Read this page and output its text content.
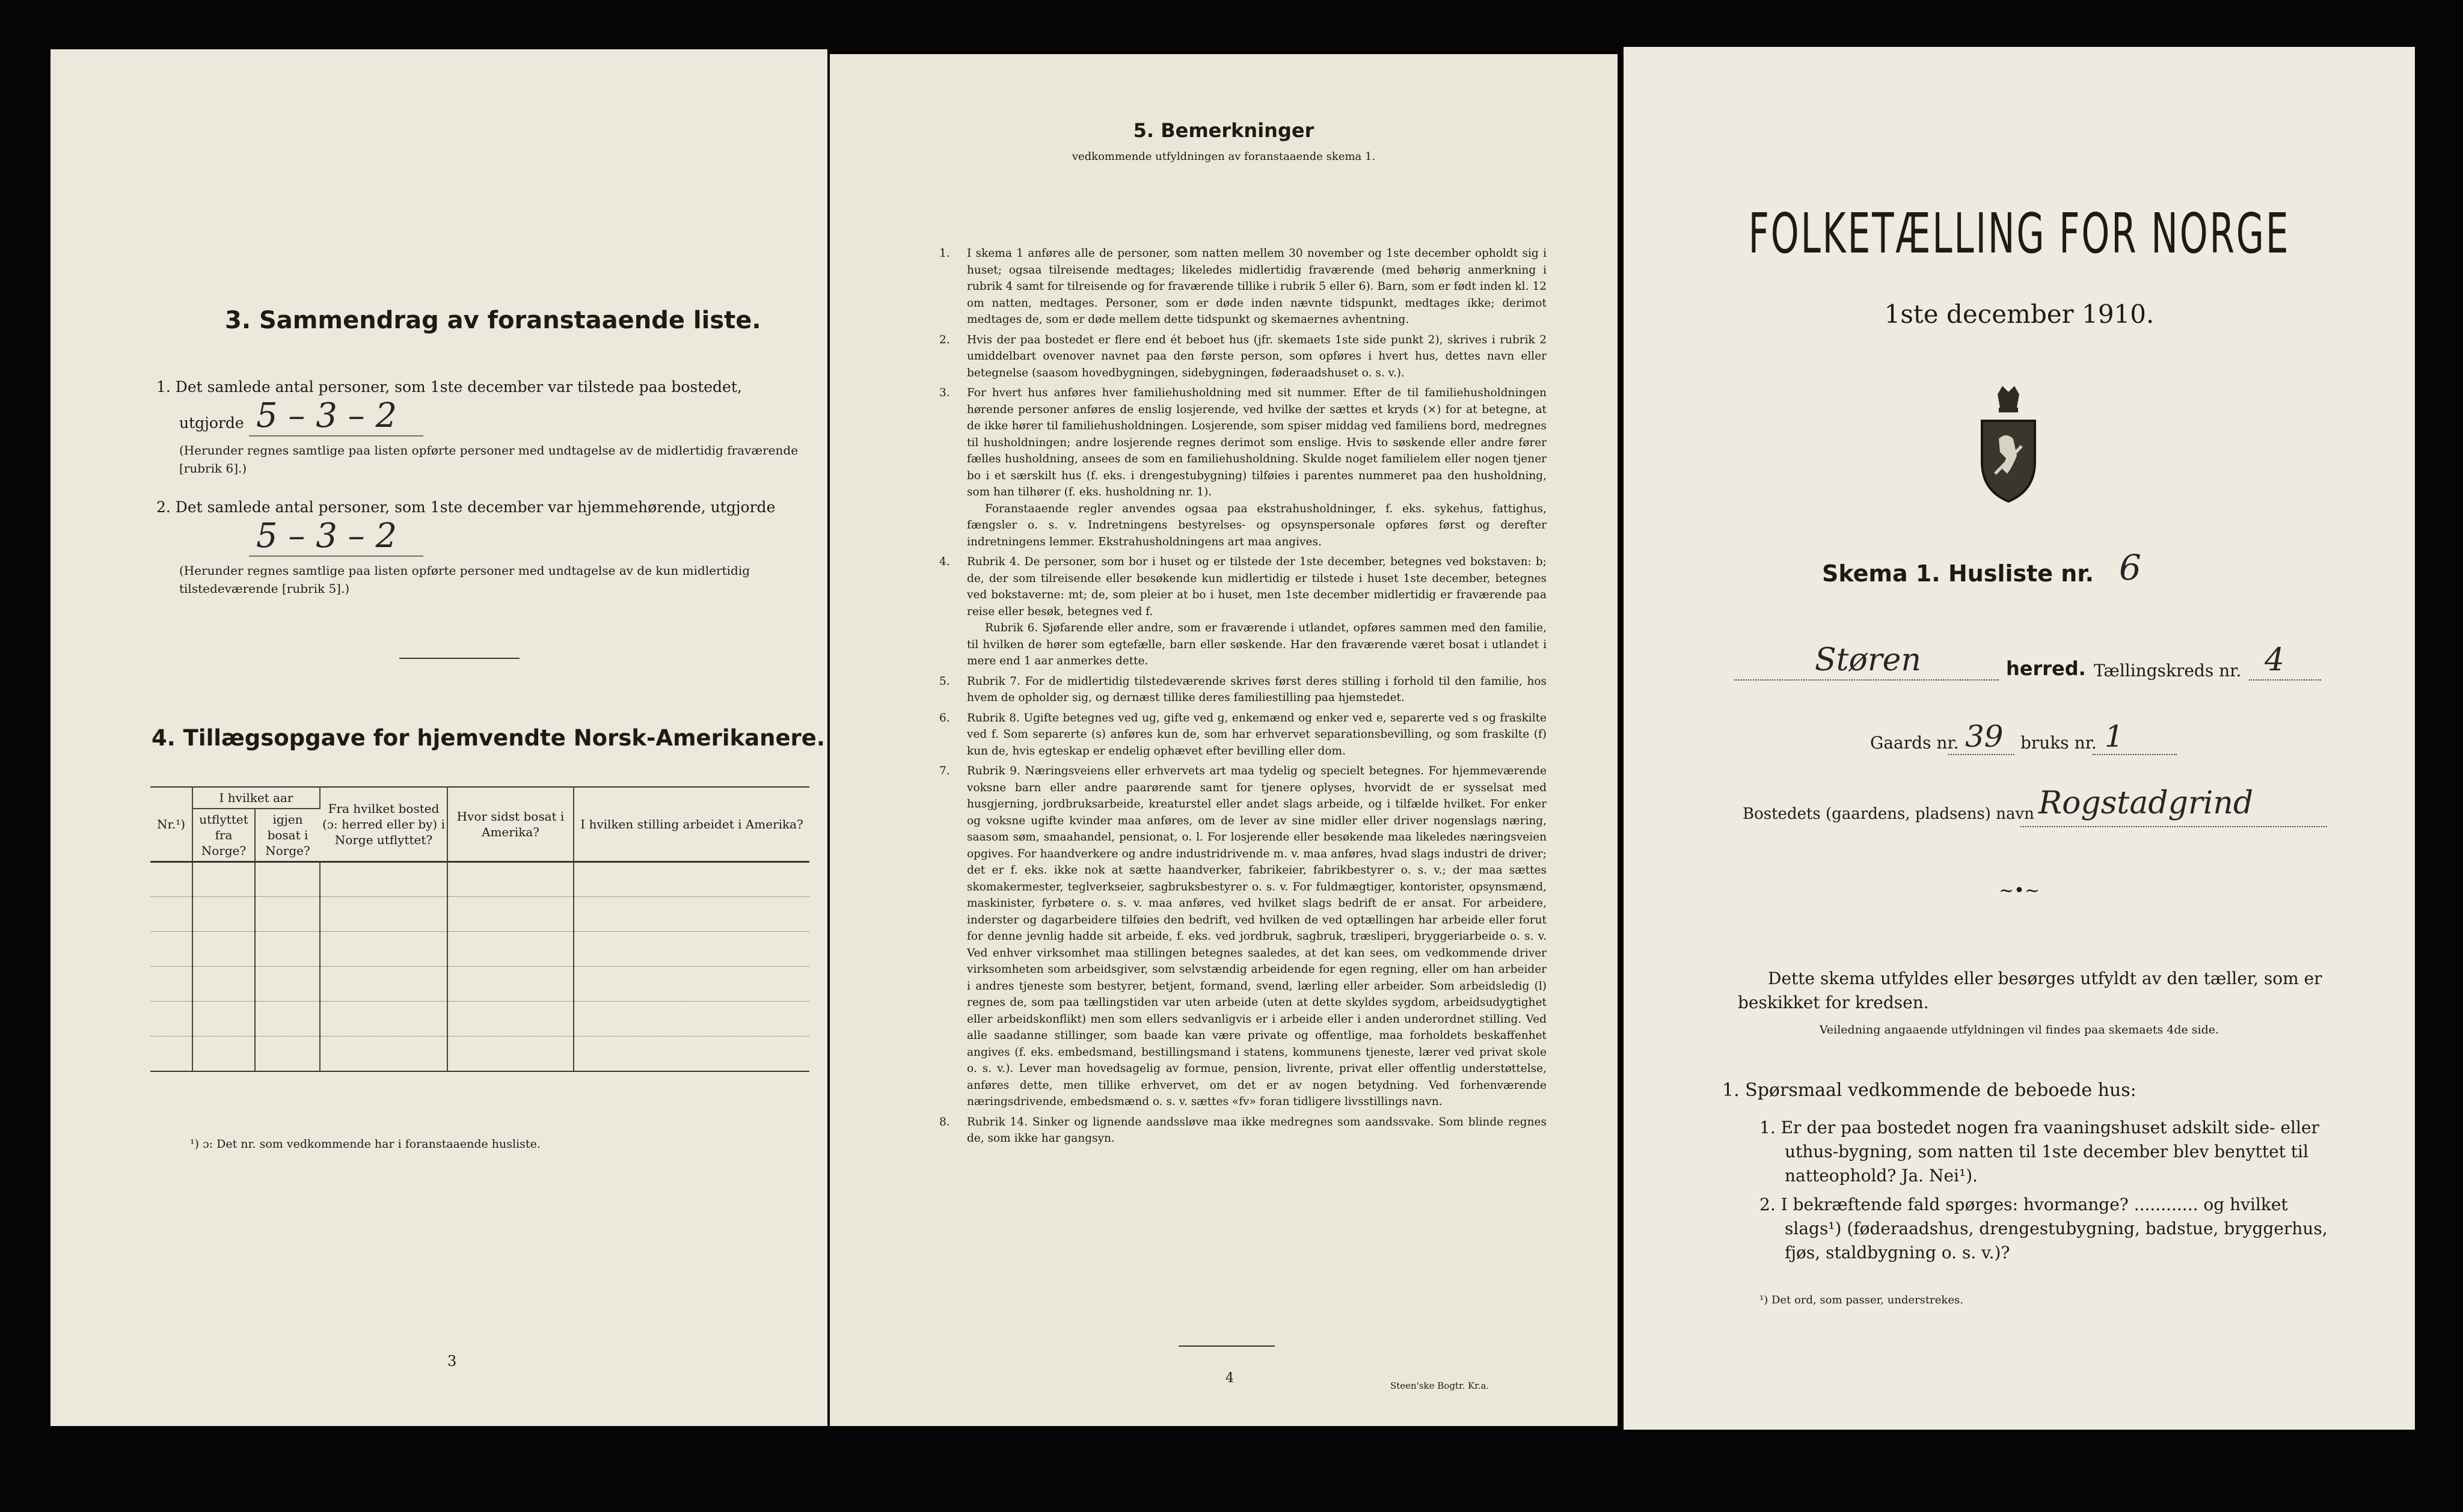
3. Sammendrag av foranstaaende liste.
1. Det samlede antal personer, som 1ste december var tilstede paa bostedet,
utgjorde 5 – 3 – 2
(Herunder regnes samtlige paa listen opførte personer med undtagelse av de midlertidig fraværende [rubrik 6].)
2. Det samlede antal personer, som 1ste december var hjemmehørende, utgjorde
5 – 3 – 2
(Herunder regnes samtlige paa listen opførte personer med undtagelse av de kun midlertidig tilstedeværende [rubrik 5].)
4. Tillægsopgave for hjemvendte Norsk-Amerikanere.
Nr.¹)	I hvilket aar		Fra hvilket bosted (ɔ: herred eller by) i Norge utflyttet?	Hvor sidst bosat i Amerika?	I hvilken stilling arbeidet i Amerika?
	utflyttet fra Norge?	igjen bosat i Norge?			

¹) ɔ: Det nr. som vedkommende har i foranstaaende husliste.
3
5. Bemerkninger
vedkommende utfyldningen av foranstaaende skema 1.
1. I skema 1 anføres alle de personer, som natten mellem 30 november og 1ste december opholdt sig i huset; ogsaa tilreisende medtages; likeledes midlertidig fraværende (med behørig anmerkning i rubrik 4 samt for tilreisende og for fraværende tillike i rubrik 5 eller 6). Barn, som er født inden kl. 12 om natten, medtages. Personer, som er døde inden nævnte tidspunkt, medtages ikke; derimot medtages de, som er døde mellem dette tidspunkt og skemaernes avhentning.

2. Hvis der paa bostedet er flere end ét beboet hus (jfr. skemaets 1ste side punkt 2), skrives i rubrik 2 umiddelbart ovenover navnet paa den første person, som opføres i hvert hus, dettes navn eller betegnelse (saasom hovedbygningen, sidebygningen, føderaadshuset o. s. v.).

3. For hvert hus anføres hver familiehusholdning med sit nummer. Efter de til familiehusholdningen hørende personer anføres de enslig losjerende, ved hvilke der sættes et kryds (×) for at betegne, at de ikke hører til familiehusholdningen. Losjerende, som spiser middag ved familiens bord, medregnes til husholdningen; andre losjerende regnes derimot som enslige. Hvis to søskende eller andre fører fælles husholdning, ansees de som en familiehusholdning. Skulde noget familielem eller nogen tjener bo i et særskilt hus (f. eks. i drengestubygning) tilføies i parentes nummeret paa den husholdning, som han tilhører (f. eks. husholdning nr. 1).

Foranstaaende regler anvendes ogsaa paa ekstrahusholdninger, f. eks. sykehus, fattighus, fængsler o. s. v. Indretningens bestyrelses- og opsynspersonale opføres først og derefter indretningens lemmer. Ekstrahusholdningens art maa angives.

4. Rubrik 4. De personer, som bor i huset og er tilstede der 1ste december, betegnes ved bokstaven: b; de, der som tilreisende eller besøkende kun midlertidig er tilstede i huset 1ste december, betegnes ved bokstaverne: mt; de, som pleier at bo i huset, men 1ste december midlertidig er fraværende paa reise eller besøk, betegnes ved f.

Rubrik 6. Sjøfarende eller andre, som er fraværende i utlandet, opføres sammen med den familie, til hvilken de hører som egtefælle, barn eller søskende. Har den fraværende været bosat i utlandet i mere end 1 aar anmerkes dette.

5. Rubrik 7. For de midlertidig tilstedeværende skrives først deres stilling i forhold til den familie, hos hvem de opholder sig, og dernæst tillike deres familiestilling paa hjemstedet.

6. Rubrik 8. Ugifte betegnes ved ug, gifte ved g, enkemænd og enker ved e, separerte ved s og fraskilte ved f. Som separerte (s) anføres kun de, som har erhvervet separationsbevilling, og som fraskilte (f) kun de, hvis egteskap er endelig ophævet efter bevilling eller dom.

7. Rubrik 9. Næringsveiens eller erhvervets art maa tydelig og specielt betegnes. For hjemmeværende voksne barn eller andre paarørende samt for tjenere oplyses, hvorvidt de er sysselsat med husgjerning, jordbruksarbeide, kreaturstel eller andet slags arbeide, og i tilfælde hvilket. For enker og voksne ugifte kvinder maa anføres, om de lever av sine midler eller driver nogenslags næring, saasom søm, smaahandel, pensionat, o. l. For losjerende eller besøkende maa likeledes næringsveien opgives. For haandverkere og andre industridrivende m. v. maa anføres, hvad slags industri de driver; det er f. eks. ikke nok at sætte haandverker, fabrikeier, fabrikbestyrer o. s. v.; der maa sættes skomakermester, teglverkseier, sagbruksbestyrer o. s. v. For fuldmægtiger, kontorister, opsynsmænd, maskinister, fyrbøtere o. s. v. maa anføres, ved hvilket slags bedrift de er ansat. For arbeidere, inderster og dagarbeidere tilføies den bedrift, ved hvilken de ved optællingen har arbeide eller forut for denne jevnlig hadde sit arbeide, f. eks. ved jordbruk, sagbruk, træsliperi, bryggeriarbeide o. s. v. Ved enhver virksomhet maa stillingen betegnes saaledes, at det kan sees, om vedkommende driver virksomheten som arbeidsgiver, som selvstændig arbeidende for egen regning, eller om han arbeider i andres tjeneste som bestyrer, betjent, formand, svend, lærling eller arbeider. Som arbeidsledig (l) regnes de, som paa tællingstiden var uten arbeide (uten at dette skyldes sygdom, arbeidsudygtighet eller arbeidskonflikt) men som ellers sedvanligvis er i arbeide eller i anden underordnet stilling. Ved alle saadanne stillinger, som baade kan være private og offentlige, maa forholdets beskaffenhet angives (f. eks. embedsmand, bestillingsmand i statens, kommunens tjeneste, lærer ved privat skole o. s. v.). Lever man hovedsagelig av formue, pension, livrente, privat eller offentlig understøttelse, anføres dette, men tillike erhvervet, om det er av nogen betydning. Ved forhenværende næringsdrivende, embedsmænd o. s. v. sættes «fv» foran tidligere livsstillings navn.

8. Rubrik 14. Sinker og lignende aandssløve maa ikke medregnes som aandssvake. Som blinde regnes de, som ikke har gangsyn.

4	Steen'ske Bogtr. Kr.a.
FOLKETÆLLING FOR NORGE
1ste december 1910.
Skema 1. Husliste nr. 6
Støren	herred. Tællingskreds nr. 4
Gaards nr. 39 bruks nr. 1
Bostedets (gaardens, pladsens) navn Rogstadgrind
~•~
Dette skema utfyldes eller besørges utfyldt av den tæller, som er beskikket for kredsen.
Veiledning angaaende utfyldningen vil findes paa skemaets 4de side.
1. Spørsmaal vedkommende de beboede hus:
1. Er der paa bostedet nogen fra vaaningshuset adskilt side- eller uthus-bygning, som natten til 1ste december blev benyttet til natteophold? Ja. Nei¹).
2. I bekræftende fald spørges: hvormange? ............ og hvilket slags¹) (føderaadshus, drengestubygning, badstue, bryggerhus, fjøs, staldbygning o. s. v.)?
¹) Det ord, som passer, understrekes.
